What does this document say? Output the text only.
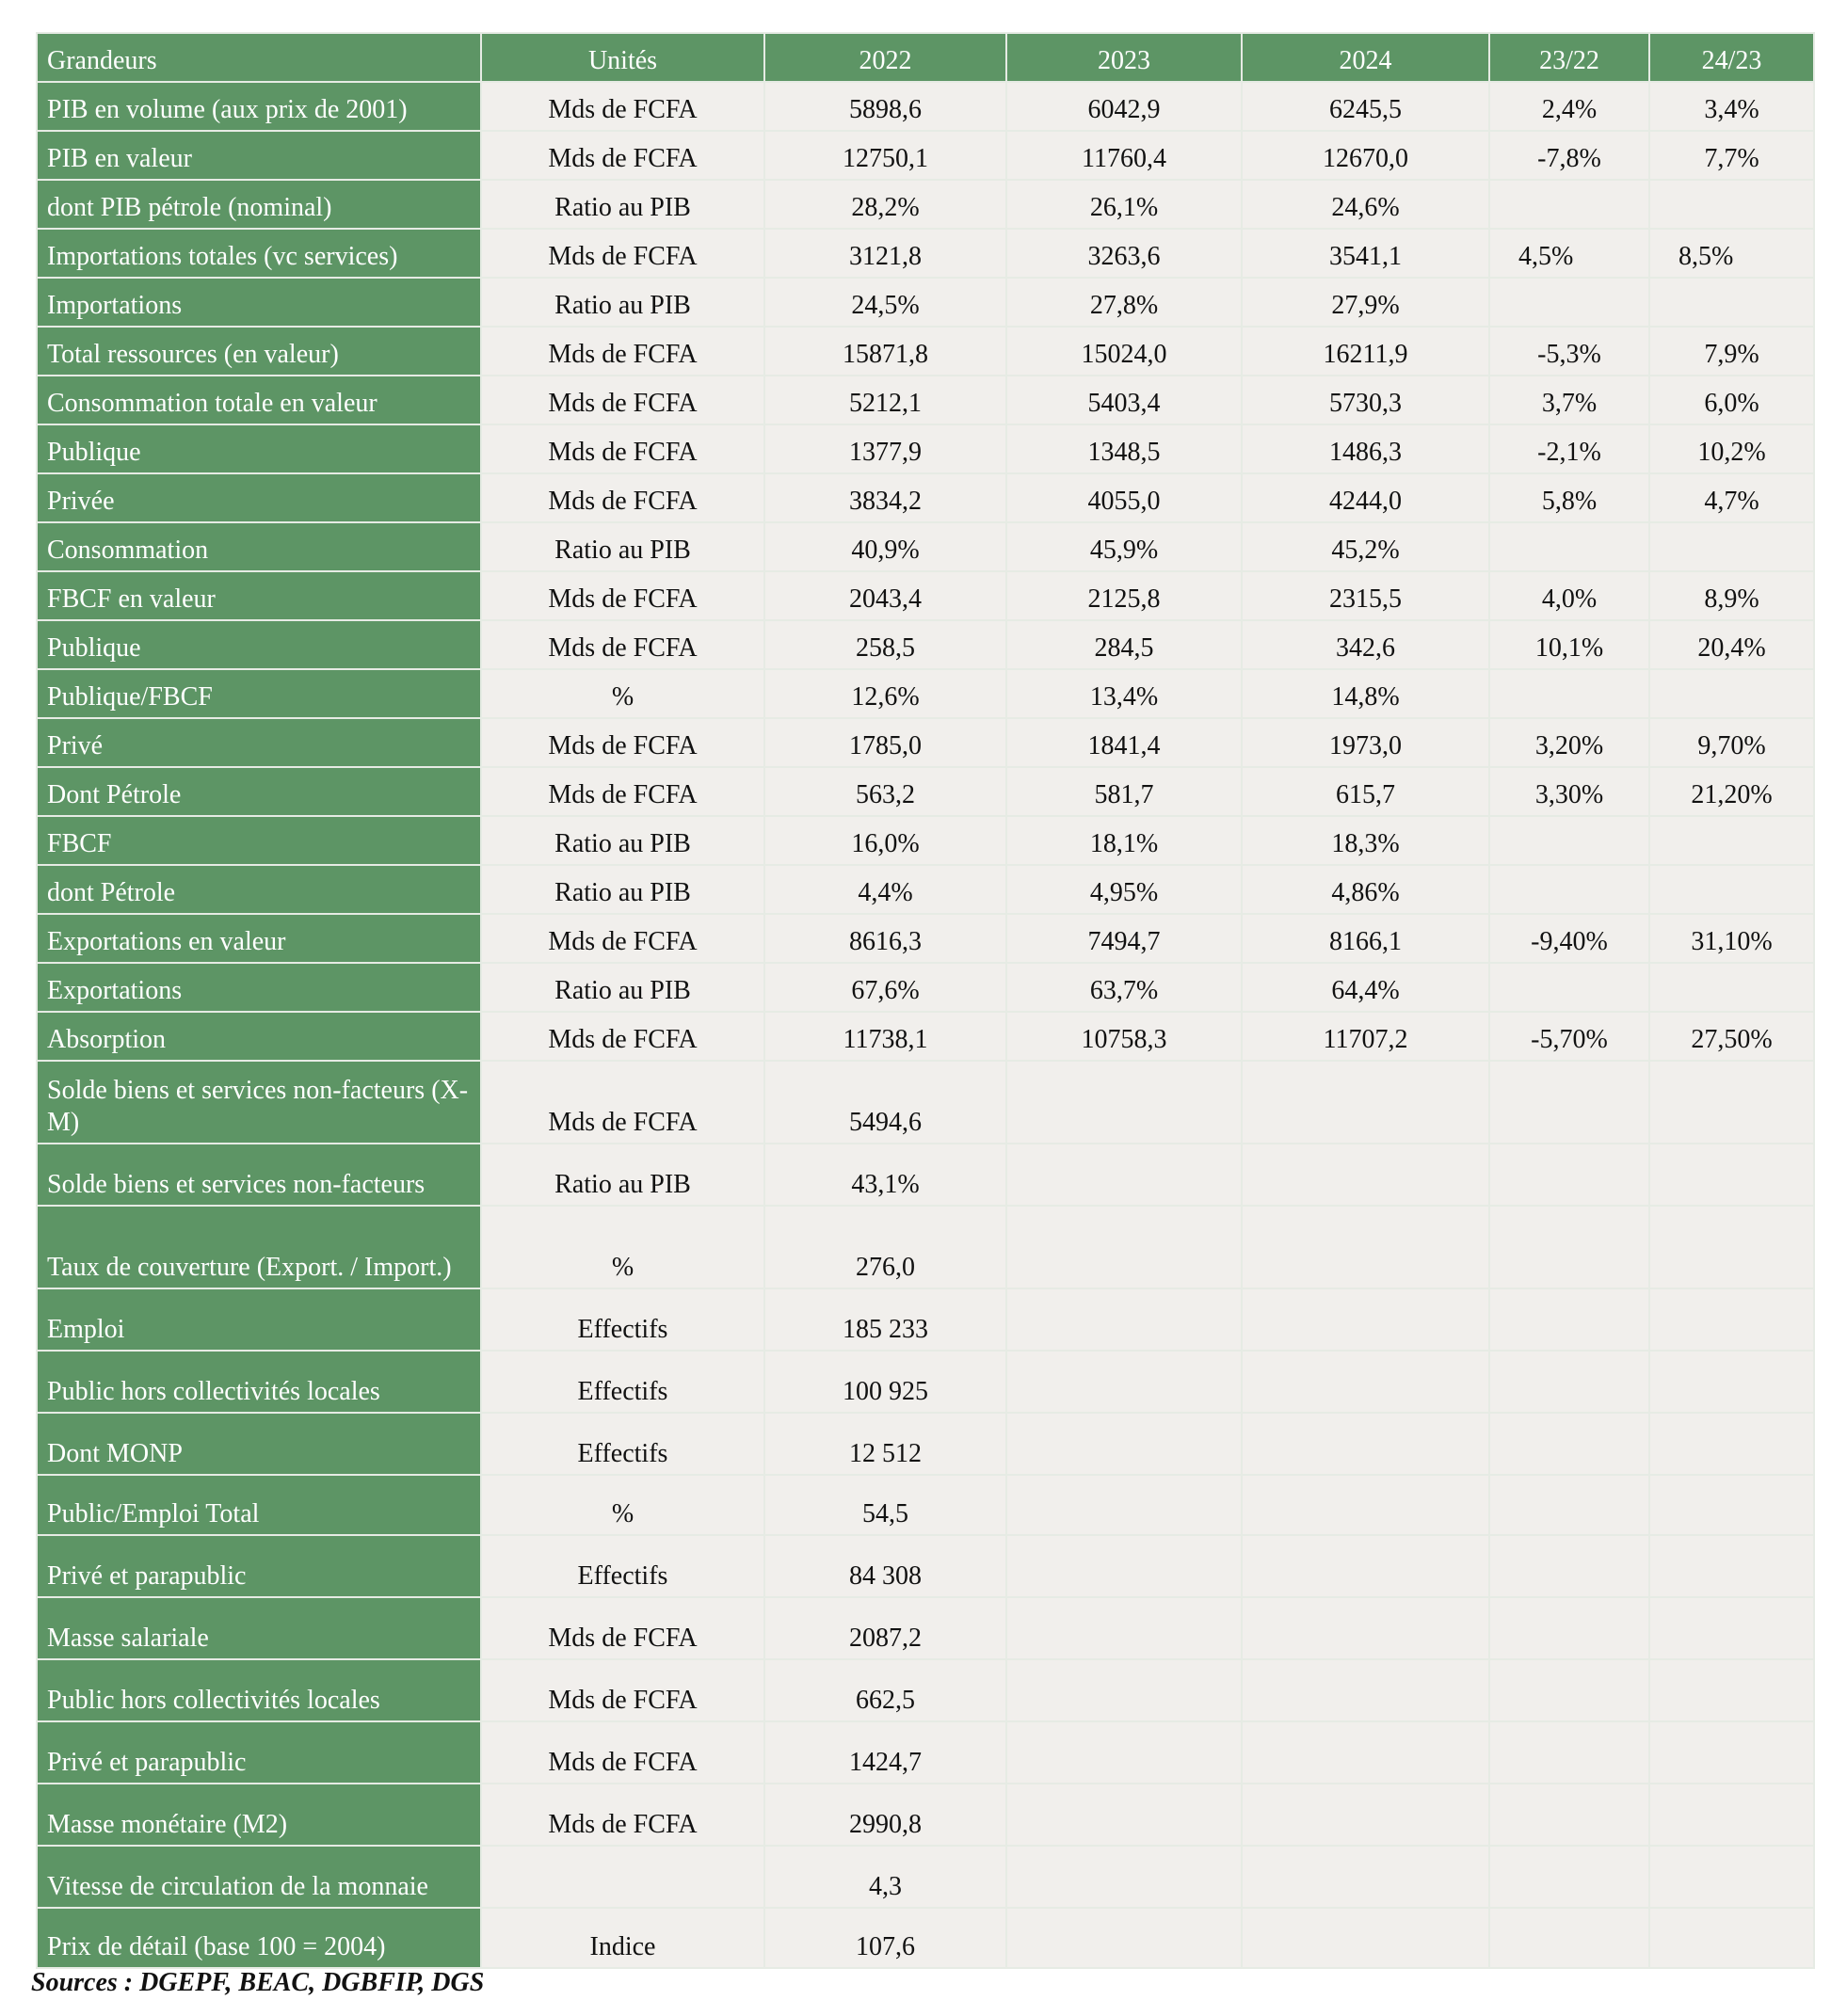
Grandeurs	Unités	2022	2023	2024	23/22	24/23
PIB en volume (aux prix de 2001)	Mds de FCFA	5898,6	6042,9	6245,5	2,4%	3,4%
PIB en valeur	Mds de FCFA	12750,1	11760,4	12670,0	-7,8%	7,7%
dont PIB pétrole (nominal)	Ratio au PIB	28,2%	26,1%	24,6%		
Importations totales (vc services)	Mds de FCFA	3121,8	3263,6	3541,1	4,5%	8,5%
Importations	Ratio au PIB	24,5%	27,8%	27,9%		
Total ressources (en valeur)	Mds de FCFA	15871,8	15024,0	16211,9	-5,3%	7,9%
Consommation totale en valeur	Mds de FCFA	5212,1	5403,4	5730,3	3,7%	6,0%
Publique	Mds de FCFA	1377,9	1348,5	1486,3	-2,1%	10,2%
Privée	Mds de FCFA	3834,2	4055,0	4244,0	5,8%	4,7%
Consommation	Ratio au PIB	40,9%	45,9%	45,2%		
FBCF en valeur	Mds de FCFA	2043,4	2125,8	2315,5	4,0%	8,9%
Publique	Mds de FCFA	258,5	284,5	342,6	10,1%	20,4%
Publique/FBCF	%	12,6%	13,4%	14,8%		
Privé	Mds de FCFA	1785,0	1841,4	1973,0	3,20%	9,70%
Dont Pétrole	Mds de FCFA	563,2	581,7	615,7	3,30%	21,20%
FBCF	Ratio au PIB	16,0%	18,1%	18,3%		
dont Pétrole	Ratio au PIB	4,4%	4,95%	4,86%		
Exportations en valeur	Mds de FCFA	8616,3	7494,7	8166,1	-9,40%	31,10%
Exportations	Ratio au PIB	67,6%	63,7%	64,4%		
Absorption	Mds de FCFA	11738,1	10758,3	11707,2	-5,70%	27,50%
Solde biens et services non-facteurs (X-M)	Mds de FCFA	5494,6				
Solde biens et services non-facteurs	Ratio au PIB	43,1%				
Taux de couverture (Export. / Import.)	%	276,0				
Emploi	Effectifs	185 233				
Public hors collectivités locales	Effectifs	100 925				
Dont MONP	Effectifs	12 512				
Public/Emploi Total	%	54,5				
Privé et parapublic	Effectifs	84 308				
Masse salariale	Mds de FCFA	2087,2				
Public hors collectivités locales	Mds de FCFA	662,5				
Privé et parapublic	Mds de FCFA	1424,7				
Masse monétaire (M2)	Mds de FCFA	2990,8				
Vitesse de circulation de la monnaie		4,3				
Prix de détail (base 100 = 2004)	Indice	107,6				
Sources : DGEPF, BEAC, DGBFIP, DGS
